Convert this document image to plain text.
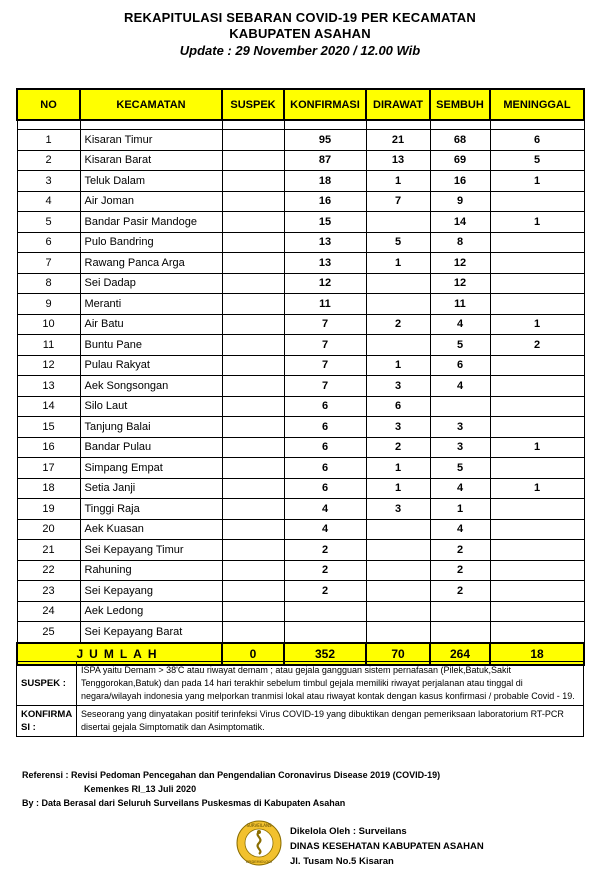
REKAPITULASI SEBARAN COVID-19 PER KECAMATAN
KABUPATEN ASAHAN
Update : 29 November 2020 / 12.00 Wib
NO	KECAMATAN	SUSPEK	KONFIRMASI	DIRAWAT	SEMBUH	MENINGGAL

1	Kisaran Timur		95	21	68	6
2	Kisaran Barat		87	13	69	5
3	Teluk Dalam		18	1	16	1
4	Air Joman		16	7	9	
5	Bandar Pasir Mandoge		15		14	1
6	Pulo Bandring		13	5	8	
7	Rawang Panca Arga		13	1	12	
8	Sei Dadap		12		12	
9	Meranti		11		11	
10	Air Batu		7	2	4	1
11	Buntu Pane		7		5	2
12	Pulau Rakyat		7	1	6	
13	Aek Songsongan		7	3	4	
14	Silo Laut		6	6		
15	Tanjung Balai		6	3	3	
16	Bandar Pulau		6	2	3	1
17	Simpang Empat		6	1	5	
18	Setia Janji		6	1	4	1
19	Tinggi Raja		4	3	1	
20	Aek Kuasan		4		4	
21	Sei Kepayang Timur		2		2	
22	Rahuning		2		2	
23	Sei Kepayang		2		2	
24	Aek Ledong					
25	Sei Kepayang Barat					
JUMLAH		0	352	70	264	18
SUSPEK :	ISPA yaitu Demam > 38'C atau riwayat demam ; atau gejala gangguan sistem pernafasan (Pilek,Batuk,Sakit Tenggorokan,Batuk) dan pada 14 hari terakhir sebelum timbul gejala memiliki riwayat perjalanan atau tinggal di negara/wilayah indonesia yang melporkan tranmisi lokal atau riwayat kontak dengan kasus konfirmasi / probable Covid - 19.
KONFIRMA
SI :	Seseorang yang dinyatakan positif terinfeksi Virus COVID-19 yang dibuktikan dengan pemeriksaan laboratorium RT-PCR disertai gejala Simptomatik dan Asimptomatik.
Referensi : Revisi Pedoman Pencegahan dan Pengendalian Coronavirus Disease 2019 (COVID-19)
Kemenkes RI_13 Juli 2020
By : Data Berasal dari Seluruh Surveilans Puskesmas di Kabupaten Asahan
SURVEILANS
EPIDEMIOLOGI
Dikelola Oleh : Surveilans
DINAS KESEHATAN KABUPATEN ASAHAN
Jl. Tusam No.5 Kisaran
